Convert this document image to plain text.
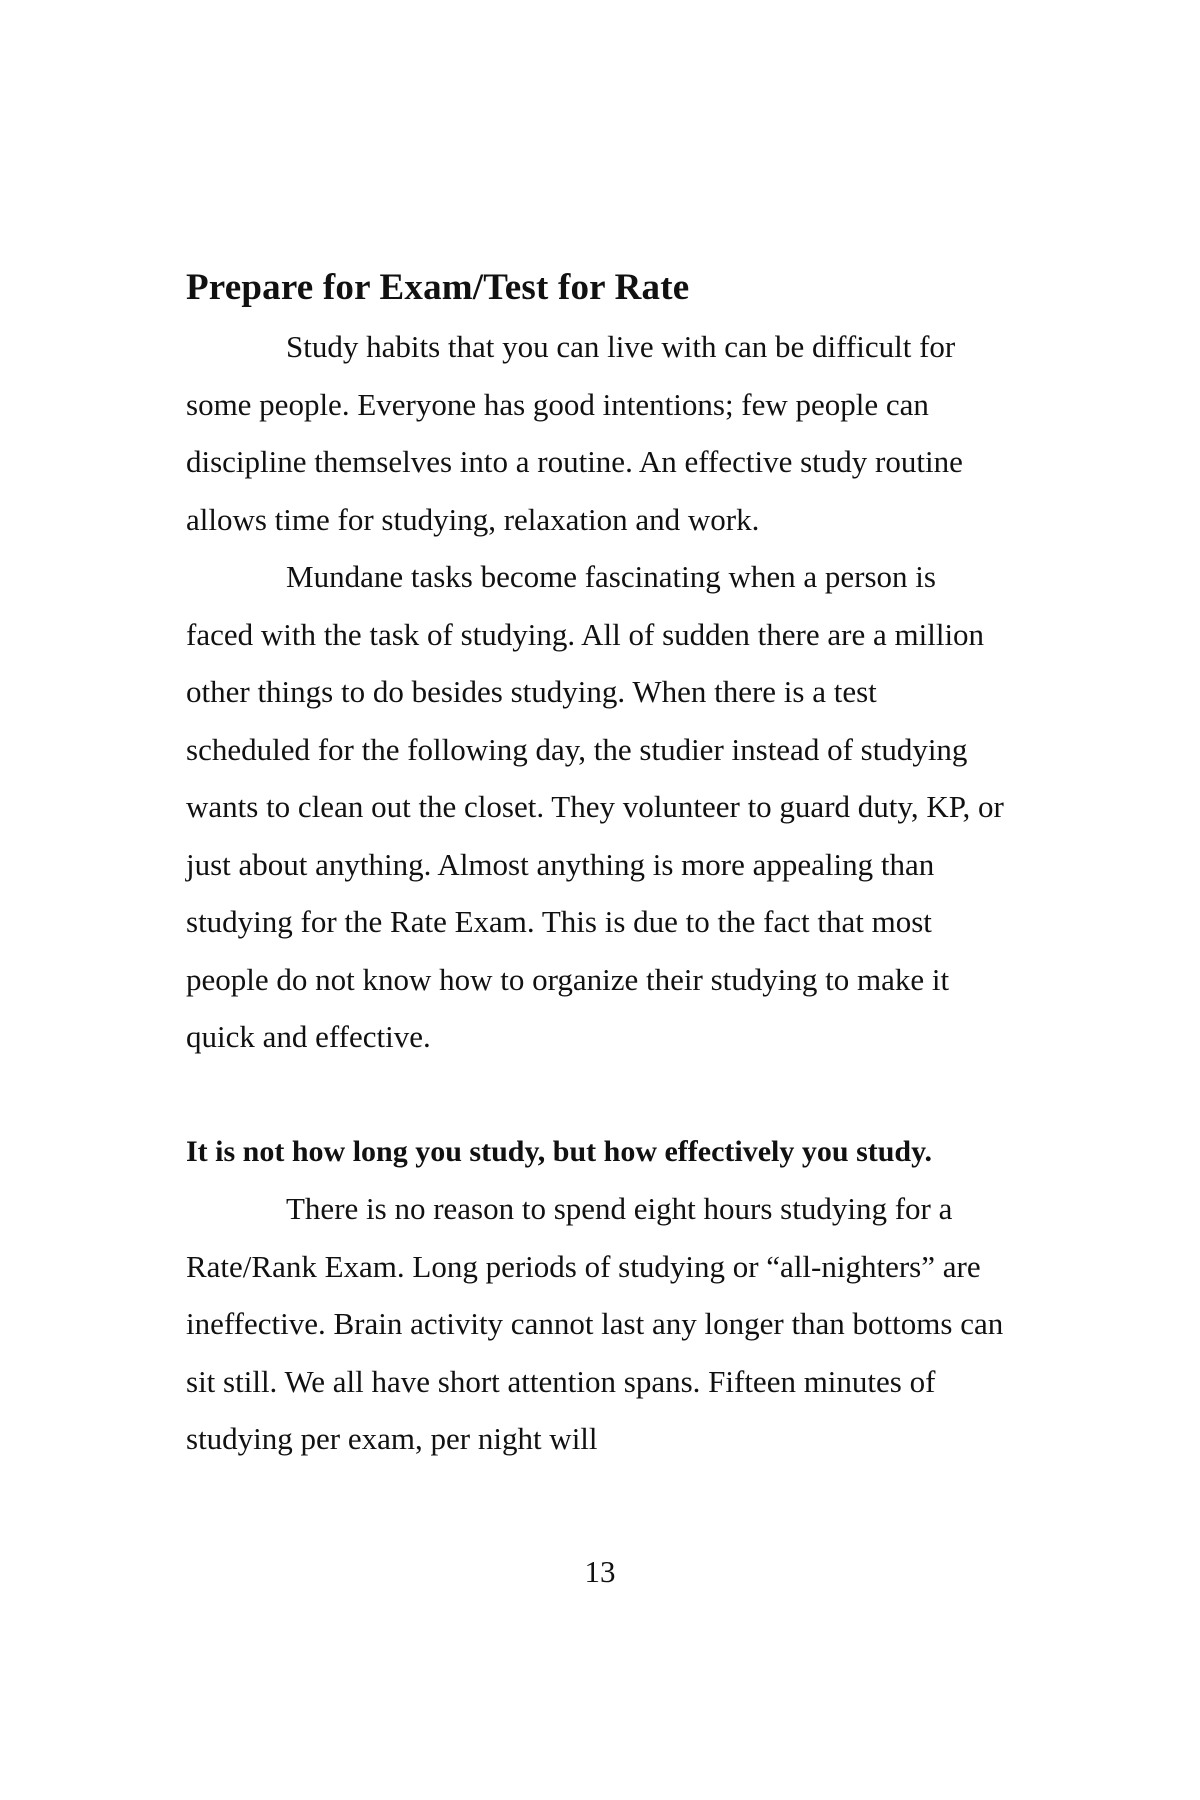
Prepare for Exam/Test for Rate

Study habits that you can live with can be difficult for some people. Everyone has good intentions; few people can discipline themselves into a routine. An effective study routine allows time for studying, relaxation and work.

Mundane tasks become fascinating when a person is faced with the task of studying. All of sudden there are a million other things to do besides studying. When there is a test scheduled for the following day, the studier instead of studying wants to clean out the closet. They volunteer to guard duty, KP, or just about anything. Almost anything is more appealing than studying for the Rate Exam. This is due to the fact that most people do not know how to organize their studying to make it quick and effective.

It is not how long you study, but how effectively you study.

There is no reason to spend eight hours studying for a Rate/Rank Exam. Long periods of studying or “all-nighters” are ineffective. Brain activity cannot last any longer than bottoms can sit still. We all have short attention spans. Fifteen minutes of studying per exam, per night will

13
